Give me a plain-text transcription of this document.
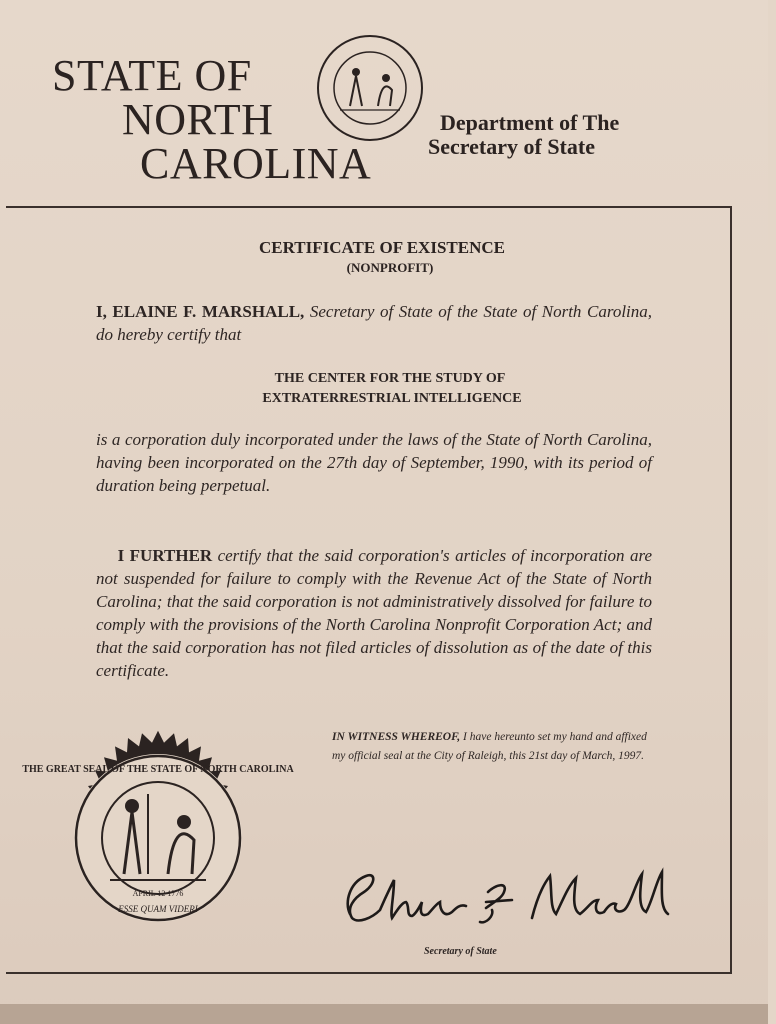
STATE OF
NORTH
CAROLINA
Department of The
Secretary of State
CERTIFICATE OF EXISTENCE
(NONPROFIT)
I, ELAINE F. MARSHALL, Secretary of State of the State of North Carolina, do hereby certify that
THE CENTER FOR THE STUDY OF
EXTRATERRESTRIAL INTELLIGENCE
is a corporation duly incorporated under the laws of the State of North Carolina, having been incorporated on the 27th day of September, 1990, with its period of duration being perpetual.
I FURTHER certify that the said corporation's articles of incorporation are not suspended for failure to comply with the Revenue Act of the State of North Carolina; that the said corporation is not administratively dissolved for failure to comply with the provisions of the North Carolina Nonprofit Corporation Act; and that the said corporation has not filed articles of dissolution as of the date of this certificate.
IN WITNESS WHEREOF, I have hereunto set my hand and affixed my official seal at the City of Raleigh, this 21st day of March, 1997.
THE GREAT SEAL OF THE STATE OF NORTH CAROLINA
APRIL 12 1776
ESSE QUAM VIDERI
Secretary of State
